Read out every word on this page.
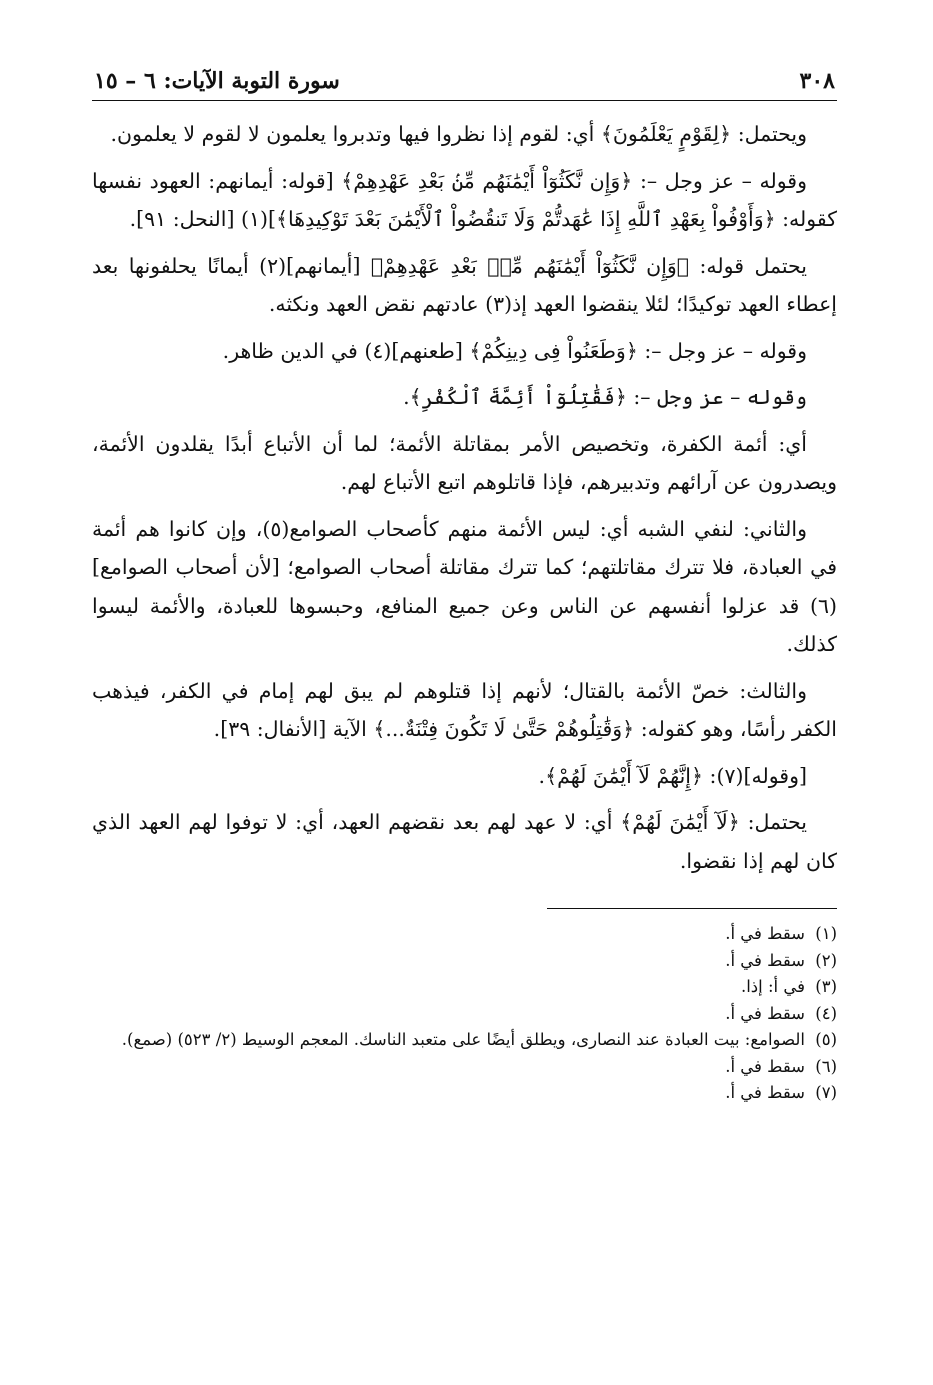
٣٠٨
سورة التوبة الآيات: ٦ – ١٥

ويحتمل: ﴿لِقَوْمٍ يَعْلَمُونَ﴾ أي: لقوم إذا نظروا فيها وتدبروا يعلمون لا لقوم لا يعلمون.

وقوله – عز وجل –: ﴿وَإِن نَّكَثُوٓاْ أَيْمَٰنَهُم مِّنۢ بَعْدِ عَهْدِهِمْ﴾ [قوله: أيمانهم: العهود نفسها كقوله: ﴿وَأَوْفُواْ بِعَهْدِ ٱللَّهِ إِذَا عَٰهَدتُّمْ وَلَا تَنقُضُواْ ٱلْأَيْمَٰنَ بَعْدَ تَوْكِيدِهَا﴾](١) [النحل: ٩١].

يحتمل قوله: ﴿وَإِن نَّكَثُوٓاْ أَيْمَٰنَهُم مِّنۢ بَعْدِ عَهْدِهِمْ﴾ [أيمانهم](٢) أيمانًا يحلفونها بعد إعطاء العهد توكيدًا؛ لئلا ينقضوا العهد إذ(٣) عادتهم نقض العهد ونكثه.

وقوله – عز وجل –: ﴿وَطَعَنُواْ فِى دِينِكُمْ﴾ [طعنهم](٤) في الدين ظاهر.

وقوله – عز وجل –: ﴿فَقَٰتِلُوٓاْ أَئِمَّةَ ٱلْكُفْرِ﴾.

أي: أئمة الكفرة، وتخصيص الأمر بمقاتلة الأئمة؛ لما أن الأتباع أبدًا يقلدون الأئمة، ويصدرون عن آرائهم وتدبيرهم، فإذا قاتلوهم اتبع الأتباع لهم.

والثاني: لنفي الشبه أي: ليس الأئمة منهم كأصحاب الصوامع(٥)، وإن كانوا هم أئمة في العبادة، فلا تترك مقاتلتهم؛ كما تترك مقاتلة أصحاب الصوامع؛ [لأن أصحاب الصوامع](٦) قد عزلوا أنفسهم عن الناس وعن جميع المنافع، وحبسوها للعبادة، والأئمة ليسوا كذلك.

والثالث: خصّ الأئمة بالقتال؛ لأنهم إذا قتلوهم لم يبق لهم إمام في الكفر، فيذهب الكفر رأسًا، وهو كقوله: ﴿وَقَٰتِلُوهُمْ حَتَّىٰ لَا تَكُونَ فِتْنَةٌ...﴾ الآية [الأنفال: ٣٩].

[وقوله](٧): ﴿إِنَّهُمْ لَآ أَيْمَٰنَ لَهُمْ﴾.

يحتمل: ﴿لَآ أَيْمَٰنَ لَهُمْ﴾ أي: لا عهد لهم بعد نقضهم العهد، أي: لا توفوا لهم العهد الذي كان لهم إذا نقضوا.

(١)
سقط في أ.
(٢)
سقط في أ.
(٣)
في أ: إذا.
(٤)
سقط في أ.
(٥)
الصوامع: بيت العبادة عند النصارى، ويطلق أيضًا على متعبد الناسك. المعجم الوسيط (٢/ ٥٢٣) (صمع).
(٦)
سقط في أ.
(٧)
سقط في أ.
